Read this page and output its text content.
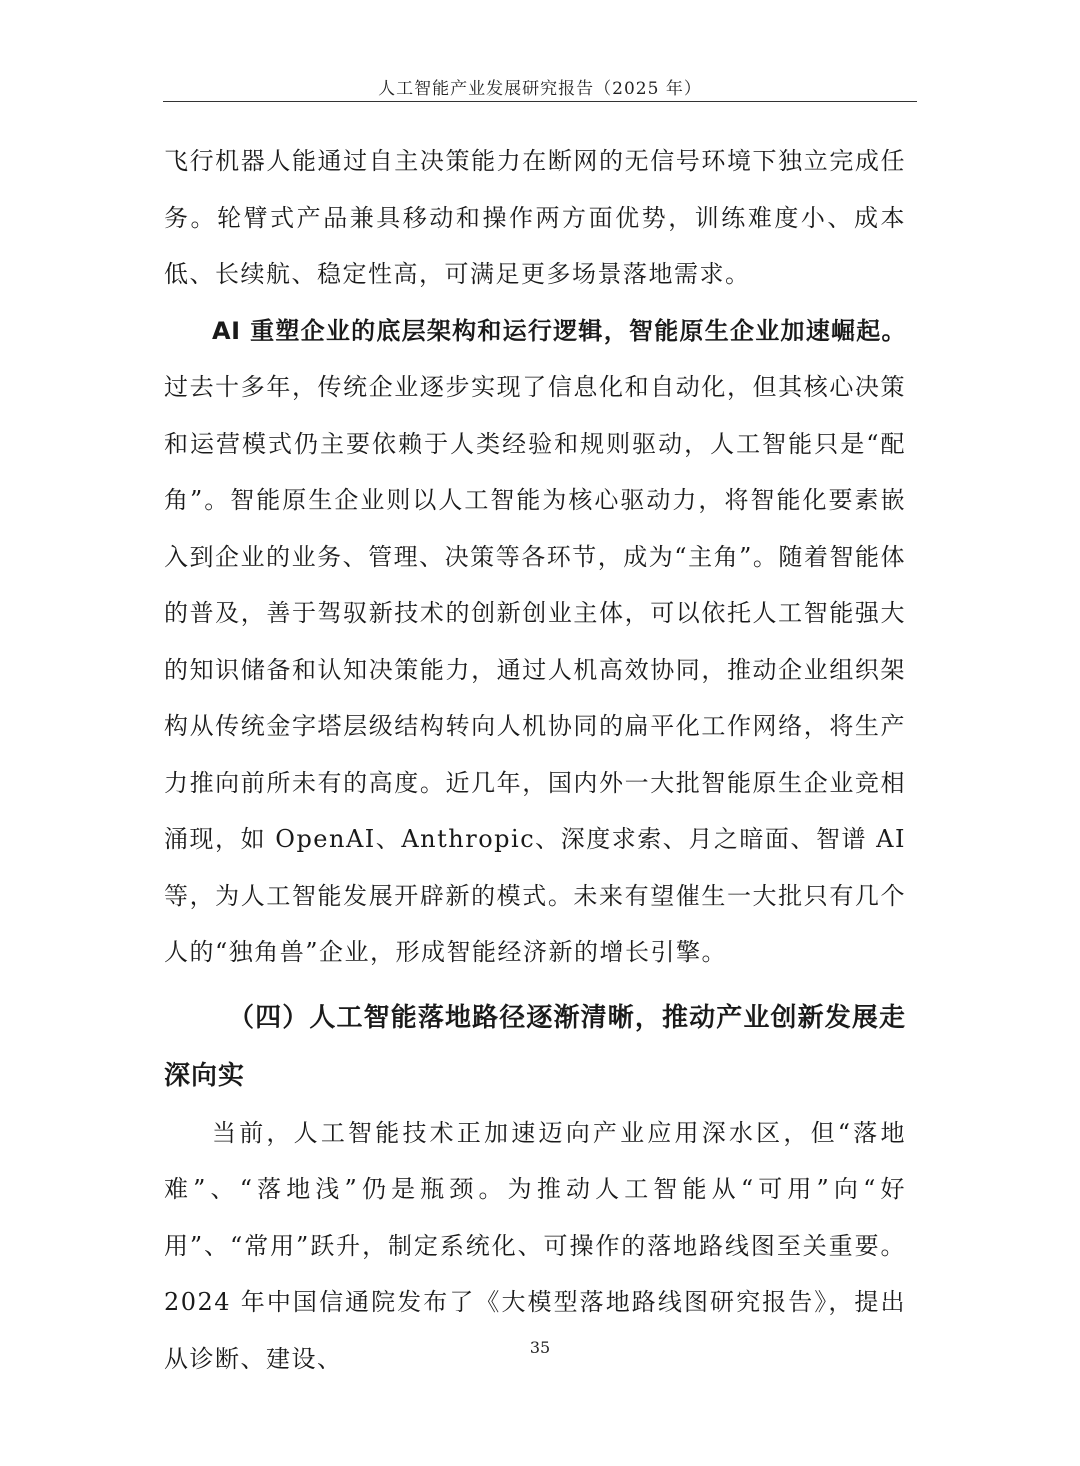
人工智能产业发展研究报告（2025 年）

飞行机器人能通过自主决策能力在断网的无信号环境下独立完成任务。轮臂式产品兼具移动和操作两方面优势，训练难度小、成本低、长续航、稳定性高，可满足更多场景落地需求。

AI 重塑企业的底层架构和运行逻辑，智能原生企业加速崛起。过去十多年，传统企业逐步实现了信息化和自动化，但其核心决策和运营模式仍主要依赖于人类经验和规则驱动，人工智能只是“配角”。智能原生企业则以人工智能为核心驱动力，将智能化要素嵌入到企业的业务、管理、决策等各环节，成为“主角”。随着智能体的普及，善于驾驭新技术的创新创业主体，可以依托人工智能强大的知识储备和认知决策能力，通过人机高效协同，推动企业组织架构从传统金字塔层级结构转向人机协同的扁平化工作网络，将生产力推向前所未有的高度。近几年，国内外一大批智能原生企业竞相涌现，如 OpenAI、Anthropic、深度求索、月之暗面、智谱 AI 等，为人工智能发展开辟新的模式。未来有望催生一大批只有几个人的“独角兽”企业，形成智能经济新的增长引擎。

（四）人工智能落地路径逐渐清晰，推动产业创新发展走深向实

当前，人工智能技术正加速迈向产业应用深水区，但“落地难”、“落地浅”仍是瓶颈。为推动人工智能从“可用”向“好用”、“常用”跃升，制定系统化、可操作的落地路线图至关重要。2024 年中国信通院发布了《大模型落地路线图研究报告》，提出从诊断、建设、	35
